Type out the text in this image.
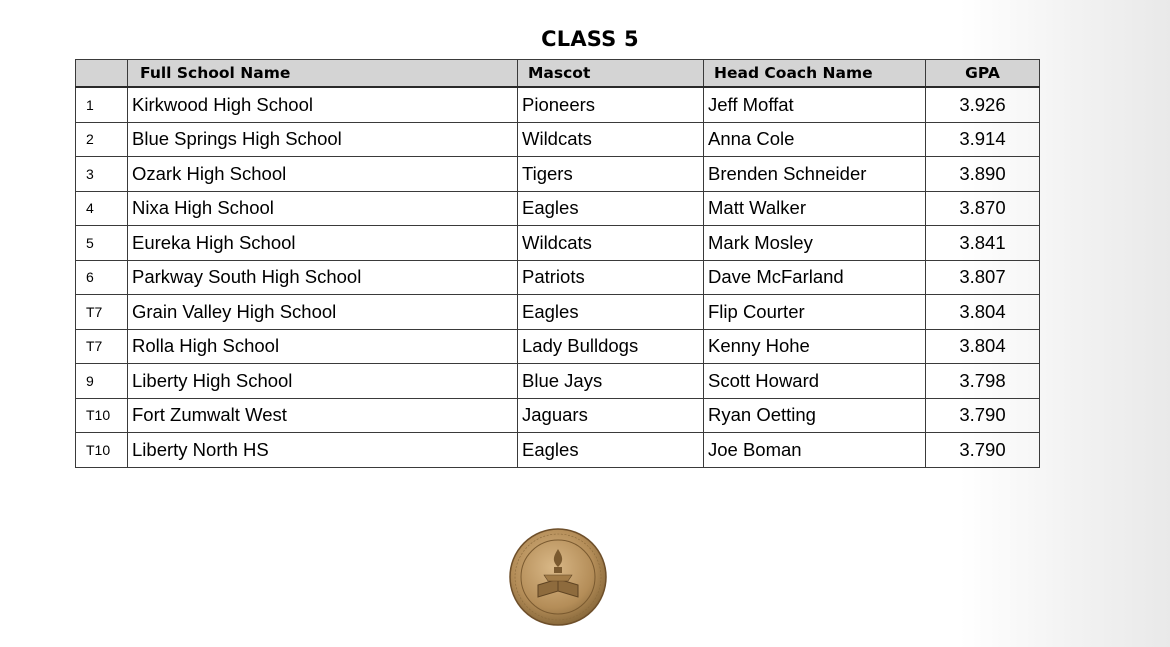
CLASS 5
	Full School Name	Mascot	Head Coach Name	GPA
1	Kirkwood High School	Pioneers	Jeff Moffat	3.926
2	Blue Springs High School	Wildcats	Anna Cole	3.914
3	Ozark High School	Tigers	Brenden Schneider	3.890
4	Nixa High School	Eagles	Matt Walker	3.870
5	Eureka High School	Wildcats	Mark Mosley	3.841
6	Parkway South High School	Patriots	Dave McFarland	3.807
T7	Grain Valley High School	Eagles	Flip Courter	3.804
T7	Rolla High School	Lady Bulldogs	Kenny Hohe	3.804
9	Liberty High School	Blue Jays	Scott Howard	3.798
T10	Fort Zumwalt West	Jaguars	Ryan Oetting	3.790
T10	Liberty North HS	Eagles	Joe Boman	3.790
